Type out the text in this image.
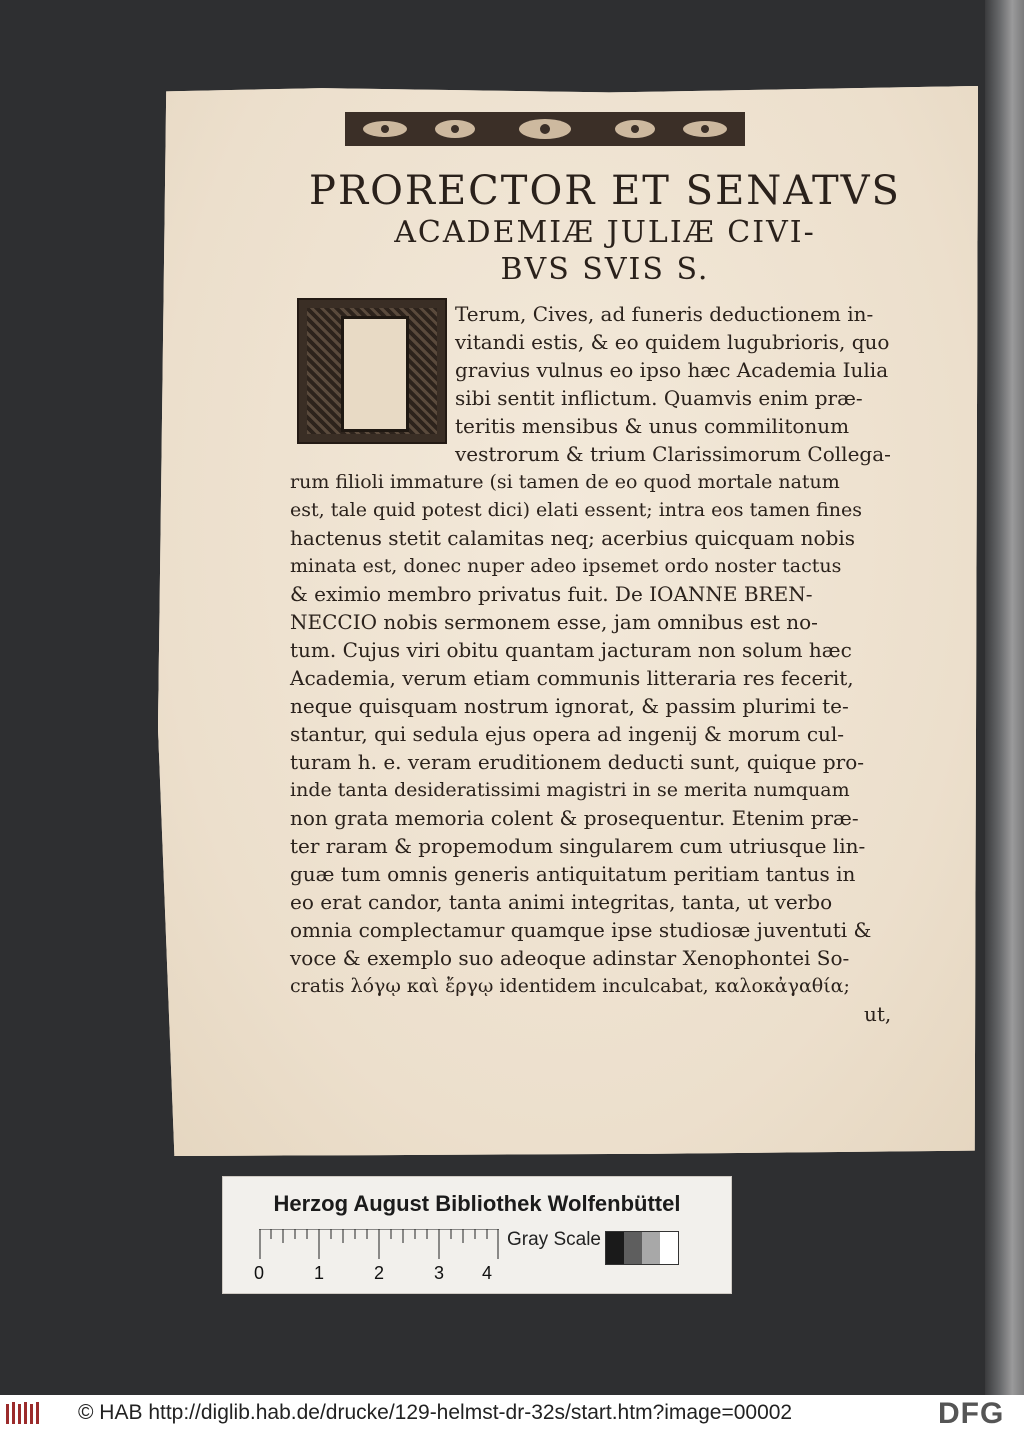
PRORECTOR ET SENATVS
ACADEMIÆ JULIÆ CIVI-
BVS SVIS S.
Terum, Cives, ad funeris deductionem in-
vitandi estis, & eo quidem lugubrioris, quo
gravius vulnus eo ipso hæc Academia Iulia
sibi sentit inflictum. Quamvis enim præ-
teritis mensibus & unus commilitonum
vestrorum & trium Clarissimorum Collega-
rum filioli immature (si tamen de eo quod mortale natum
est, tale quid potest dici) elati essent; intra eos tamen fines
hactenus stetit calamitas neq; acerbius quicquam nobis
minata est, donec nuper adeo ipsemet ordo noster tactus
& eximio membro privatus fuit. De IOANNE BREN-
NECCIO nobis sermonem esse, jam omnibus est no-
tum. Cujus viri obitu quantam jacturam non solum hæc
Academia, verum etiam communis litteraria res fecerit,
neque quisquam nostrum ignorat, & passim plurimi te-
stantur, qui sedula ejus opera ad ingenij & morum cul-
turam h. e. veram eruditionem deducti sunt, quique pro-
inde tanta desideratissimi magistri in se merita numquam
non grata memoria colent & prosequentur. Etenim præ-
ter raram & propemodum singularem cum utriusque lin-
guæ tum omnis generis antiquitatum peritiam tantus in
eo erat candor, tanta animi integritas, tanta, ut verbo
omnia complectamur quamque ipse studiosæ juventuti &
voce & exemplo suo adeoque adinstar Xenophontei So-
cratis λόγῳ καὶ ἔργῳ identidem inculcabat, καλοκἀγαθία;
ut,
Herzog August Bibliothek Wolfenbüttel
0	1	2	3 4
Gray Scale
© HAB http://diglib.hab.de/drucke/129-helmst-dr-32s/start.htm?image=00002	DFG
